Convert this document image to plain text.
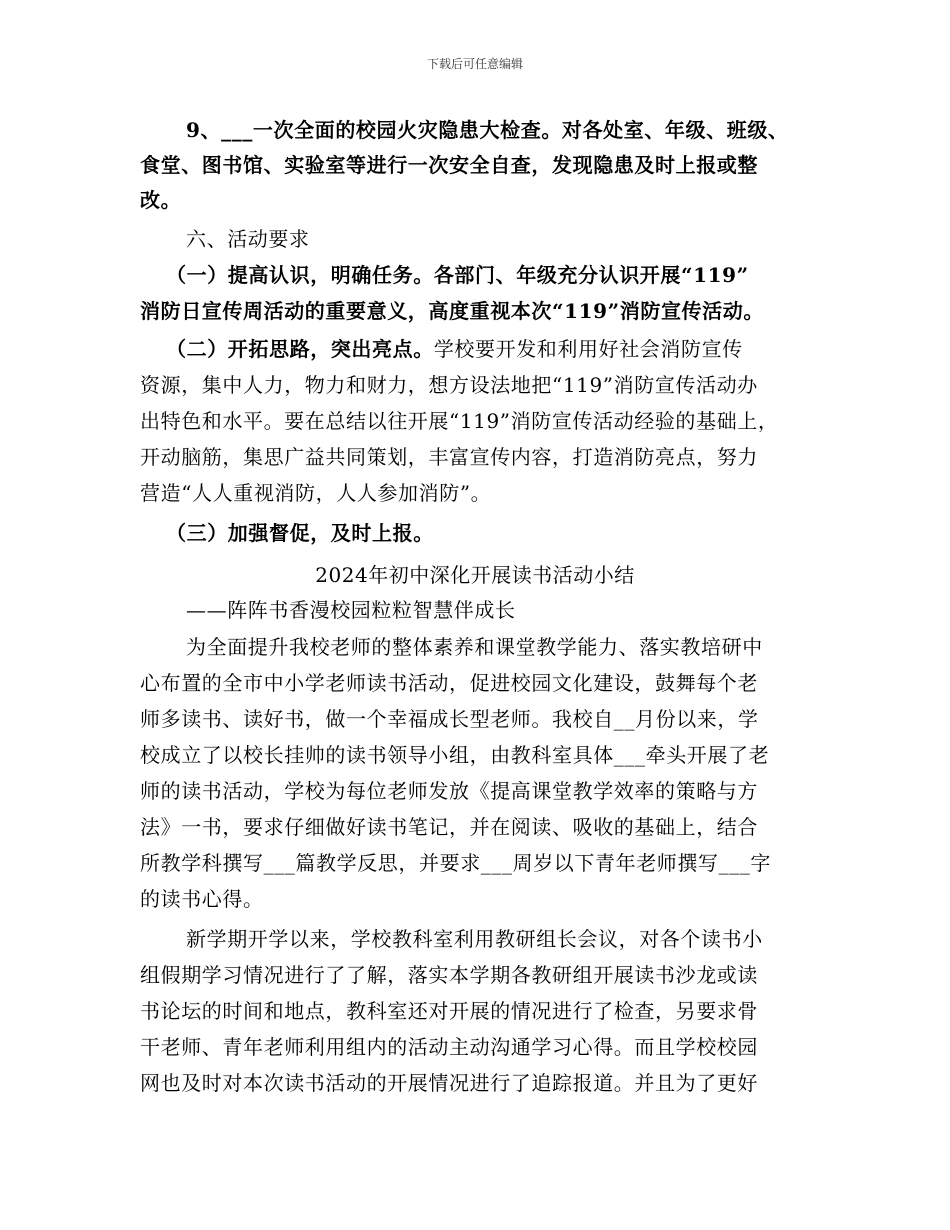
下载后可任意编辑
9、___一次全面的校园火灾隐患大检查。对各处室、年级、班级、
食堂、图书馆、实验室等进行一次安全自查，发现隐患及时上报或整
改。
六、活动要求
（一）提高认识，明确任务。各部门、年级充分认识开展“119”
消防日宣传周活动的重要意义，高度重视本次“119”消防宣传活动。
（二）开拓思路，突出亮点。学校要开发和利用好社会消防宣传
资源，集中人力，物力和财力，想方设法地把“119”消防宣传活动办
出特色和水平。要在总结以往开展“119”消防宣传活动经验的基础上，
开动脑筋，集思广益共同策划，丰富宣传内容，打造消防亮点，努力
营造“人人重视消防，人人参加消防”。
（三）加强督促，及时上报。
2024年初中深化开展读书活动小结
——阵阵书香漫校园粒粒智慧伴成长
为全面提升我校老师的整体素养和课堂教学能力、落实教培研中
心布置的全市中小学老师读书活动，促进校园文化建设，鼓舞每个老
师多读书、读好书，做一个幸福成长型老师。我校自__月份以来，学
校成立了以校长挂帅的读书领导小组，由教科室具体___牵头开展了老
师的读书活动，学校为每位老师发放《提高课堂教学效率的策略与方
法》一书，要求仔细做好读书笔记，并在阅读、吸收的基础上，结合
所教学科撰写___篇教学反思，并要求___周岁以下青年老师撰写___字
的读书心得。
新学期开学以来，学校教科室利用教研组长会议，对各个读书小
组假期学习情况进行了了解，落实本学期各教研组开展读书沙龙或读
书论坛的时间和地点，教科室还对开展的情况进行了检查，另要求骨
干老师、青年老师利用组内的活动主动沟通学习心得。而且学校校园
网也及时对本次读书活动的开展情况进行了追踪报道。并且为了更好
